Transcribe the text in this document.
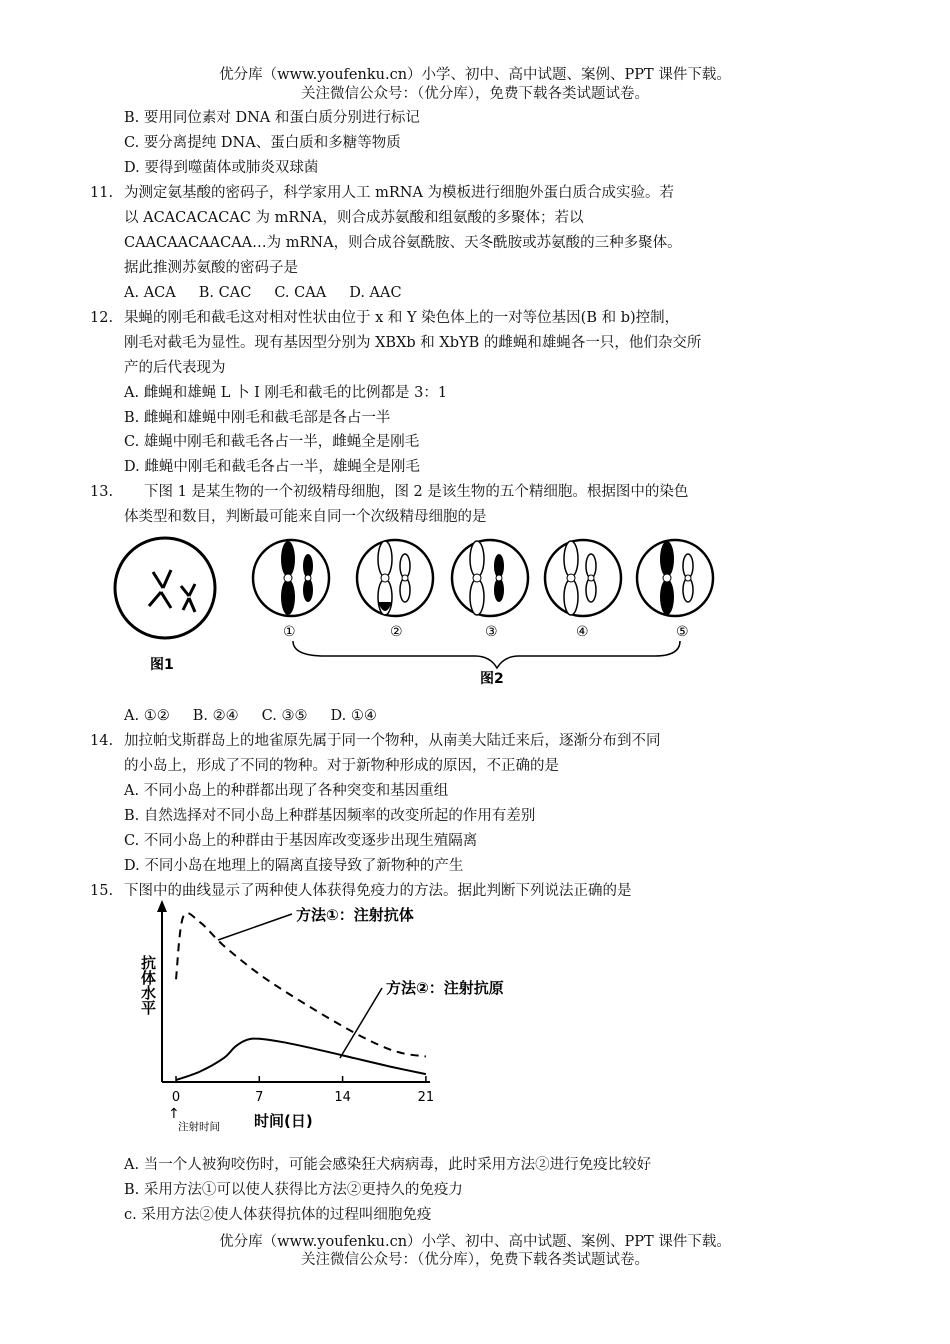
优分库（www.youfenku.cn）小学、初中、高中试题、案例、PPT 课件下载。
关注微信公众号：（优分库），免费下载各类试题试卷。
B. 要用同位素对 DNA 和蛋白质分别进行标记
C. 要分离提纯 DNA、蛋白质和多糖等物质
D. 要得到噬菌体或肺炎双球菌
11. 为测定氨基酸的密码子，科学家用人工 mRNA 为模板进行细胞外蛋白质合成实验。若
以 ACACACACAC 为 mRNA，则合成苏氨酸和组氨酸的多聚体；若以
CAACAACAACAA…为 mRNA，则合成谷氨酰胺、天冬酰胺或苏氨酸的三种多聚体。
据此推测苏氨酸的密码子是
A. ACA     B. CAC     C. CAA     D. AAC
12. 果蝇的刚毛和截毛这对相对性状由位于 x 和 Y 染色体上的一对等位基因(B 和 b)控制，
刚毛对截毛为显性。现有基因型分别为 XBXb 和 XbYB 的雌蝇和雄蝇各一只，他们杂交所
产的后代表现为
A. 雌蝇和雄蝇 L 卜 I 刚毛和截毛的比例都是 3：1
B. 雌蝇和雄蝇中刚毛和截毛部是各占一半
C. 雄蝇中刚毛和截毛各占一半，雌蝇全是刚毛
D. 雌蝇中刚毛和截毛各占一半，雄蝇全是刚毛
13. 下图 1 是某生物的一个初级精母细胞，图 2 是该生物的五个精细胞。根据图中的染色
体类型和数目，判断最可能来自同一个次级精母细胞的是
图1
①	②	③	④	⑤
图2
A. ①②     B. ②④     C. ③⑤     D. ①④
14. 加拉帕戈斯群岛上的地雀原先属于同一个物种，从南美大陆迁来后，逐渐分布到不同
的小岛上，形成了不同的物种。对于新物种形成的原因，不正确的是
A. 不同小岛上的种群都出现了各种突变和基因重组
B. 自然选择对不同小岛上种群基因频率的改变所起的作用有差别
C. 不同小岛上的种群由于基因库改变逐步出现生殖隔离
D. 不同小岛在地理上的隔离直接导致了新物种的产生
15. 下图中的曲线显示了两种使人体获得免疫力的方法。据此判断下列说法正确的是
抗体水平
0	7	14	21
方法①：注射抗体
方法②：注射抗原
↑
注射时间 时间(日)
A. 当一个人被狗咬伤时，可能会感染狂犬病病毒，此时采用方法②进行免疫比较好
B. 采用方法①可以使人获得比方法②更持久的免疫力
c. 采用方法②使人体获得抗体的过程叫细胞免疫
优分库（www.youfenku.cn）小学、初中、高中试题、案例、PPT 课件下载。
关注微信公众号：（优分库），免费下载各类试题试卷。
